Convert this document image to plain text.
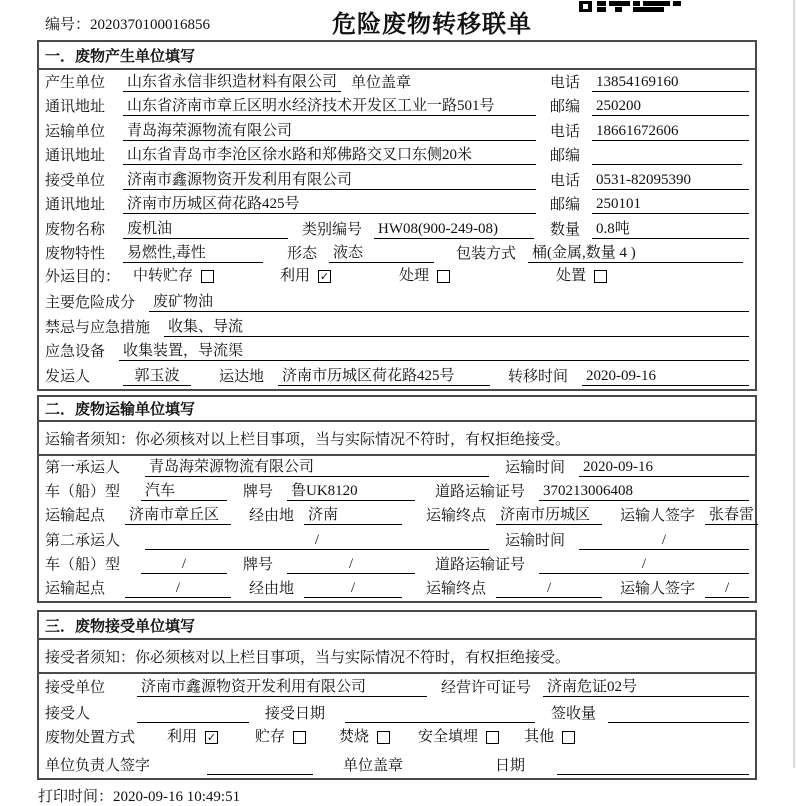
编号：2020370100016856	危险废物转移联单
一．废物产生单位填写
产生单位	山东省永信非织造材料有限公司 单位盖章	电话 13854169160
通讯地址	山东省济南市章丘区明水经济技术开发区工业一路501号	邮编 250200
运输单位	青岛海荣源物流有限公司	电话 18661672606
通讯地址	山东省青岛市李沧区徐水路和郑佛路交叉口东侧20米	邮编
接受单位	济南市鑫源物资开发利用有限公司	电话 0531-82095390
通讯地址	济南市历城区荷花路425号	邮编 250101
废物名称	废机油	类别编号 HW08(900-249-08)	数量 0.8吨
废物特性	易燃性,毒性	形态 液态	包装方式 桶(金属,数量 4 )
外运目的： 中转贮存	利用 ✓	处理	处置
主要危险成分 废矿物油
禁忌与应急措施 收集、导流
应急设备 收集装置，导流渠
发运人	郭玉波	运达地 济南市历城区荷花路425号	转移时间 2020-09-16
二．废物运输单位填写
运输者须知：你必须核对以上栏目事项，当与实际情况不符时，有权拒绝接受。
第一承运人	青岛海荣源物流有限公司	运输时间 2020-09-16
车（船）型	汽车	牌号 鲁UK8120	道路运输证号 370213006408
运输起点	济南市章丘区	经由地 济南	运输终点 济南市历城区	运输人签字 张春雷
第二承运人	/	运输时间	/
车（船）型	/	牌号	/	道路运输证号	/
运输起点	/	经由地	/	运输终点	/	运输人签字	/
三．废物接受单位填写
接受者须知：你必须核对以上栏目事项，当与实际情况不符时，有权拒绝接受。
接受单位	济南市鑫源物资开发利用有限公司	经营许可证号 济南危证02号
接受人	接受日期	签收量
废物处置方式	利用 ✓	贮存	焚烧	安全填埋	其他
单位负责人签字	单位盖章	日期
打印时间：2020-09-16 10:49:51
